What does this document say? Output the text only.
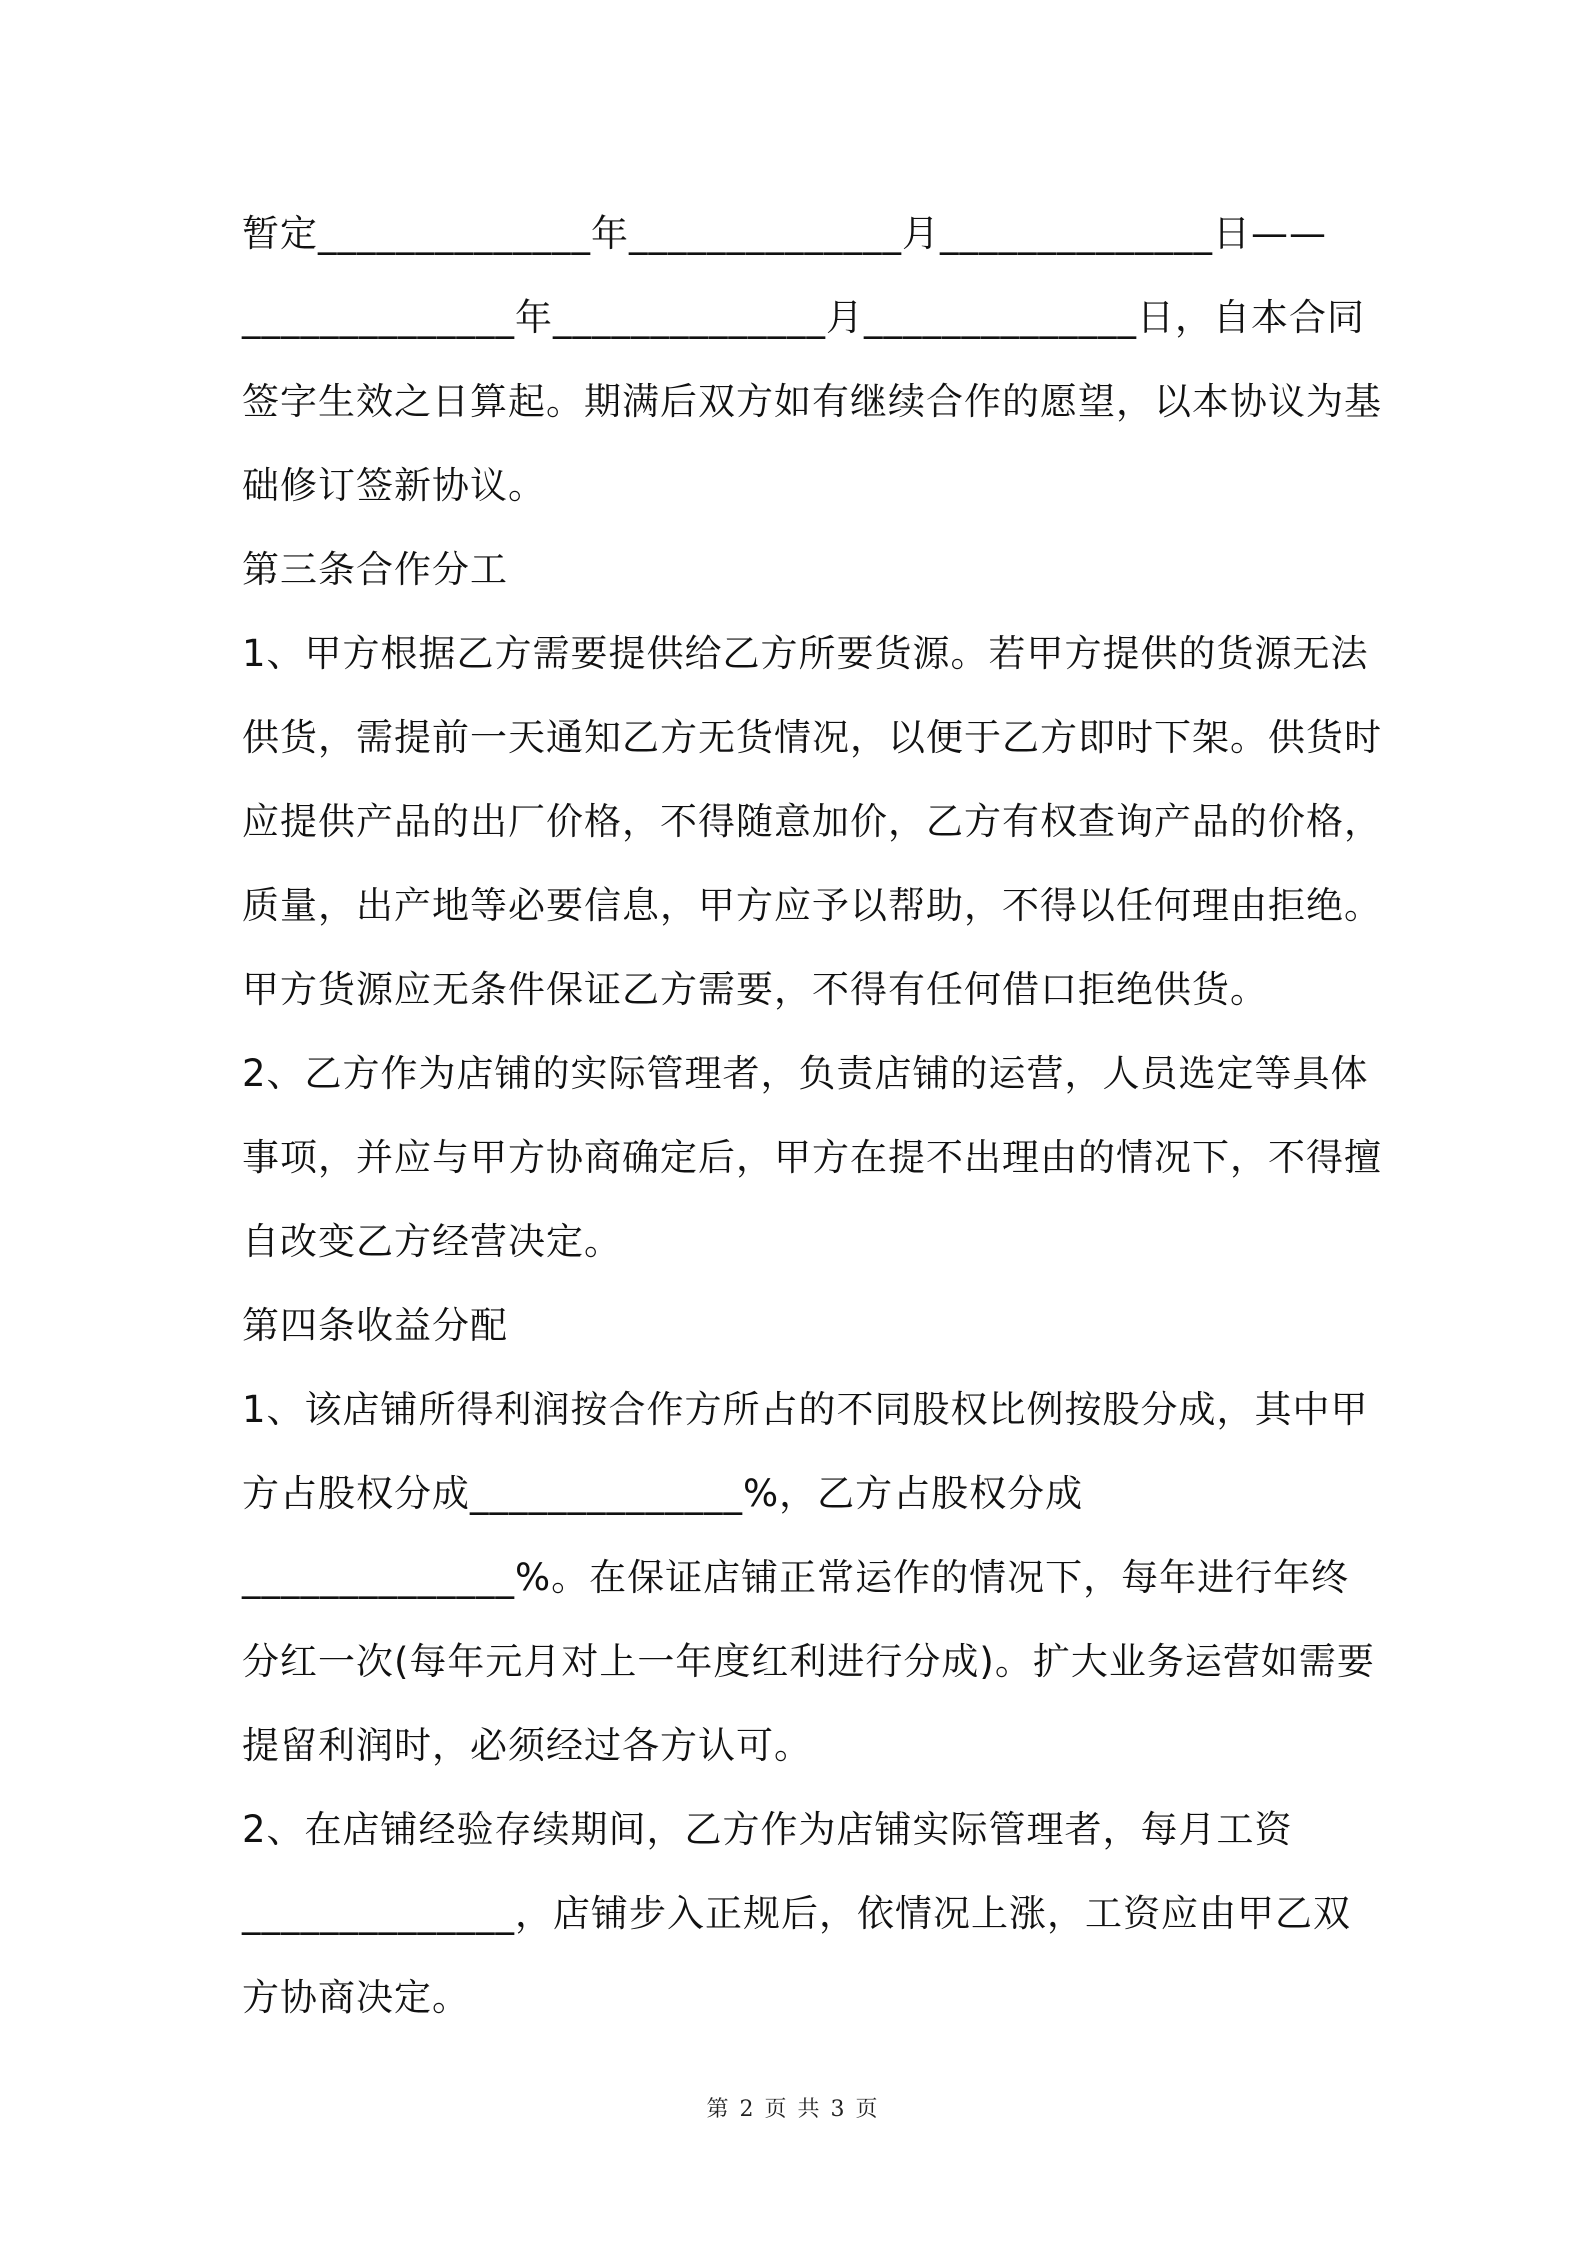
暂定______________年______________月______________日——
______________年______________月______________日，自本合同
签字生效之日算起。期满后双方如有继续合作的愿望，以本协议为基
础修订签新协议。
第三条合作分工
1、甲方根据乙方需要提供给乙方所要货源。若甲方提供的货源无法
供货，需提前一天通知乙方无货情况，以便于乙方即时下架。供货时
应提供产品的出厂价格，不得随意加价，乙方有权查询产品的价格，
质量，出产地等必要信息，甲方应予以帮助，不得以任何理由拒绝。
甲方货源应无条件保证乙方需要，不得有任何借口拒绝供货。
2、乙方作为店铺的实际管理者，负责店铺的运营，人员选定等具体
事项，并应与甲方协商确定后，甲方在提不出理由的情况下，不得擅
自改变乙方经营决定。
第四条收益分配
1、该店铺所得利润按合作方所占的不同股权比例按股分成，其中甲
方占股权分成______________%，乙方占股权分成
______________%。在保证店铺正常运作的情况下，每年进行年终
分红一次(每年元月对上一年度红利进行分成)。扩大业务运营如需要
提留利润时，必须经过各方认可。
2、在店铺经验存续期间，乙方作为店铺实际管理者，每月工资
______________，店铺步入正规后，依情况上涨，工资应由甲乙双
方协商决定。
第 2 页 共 3 页
